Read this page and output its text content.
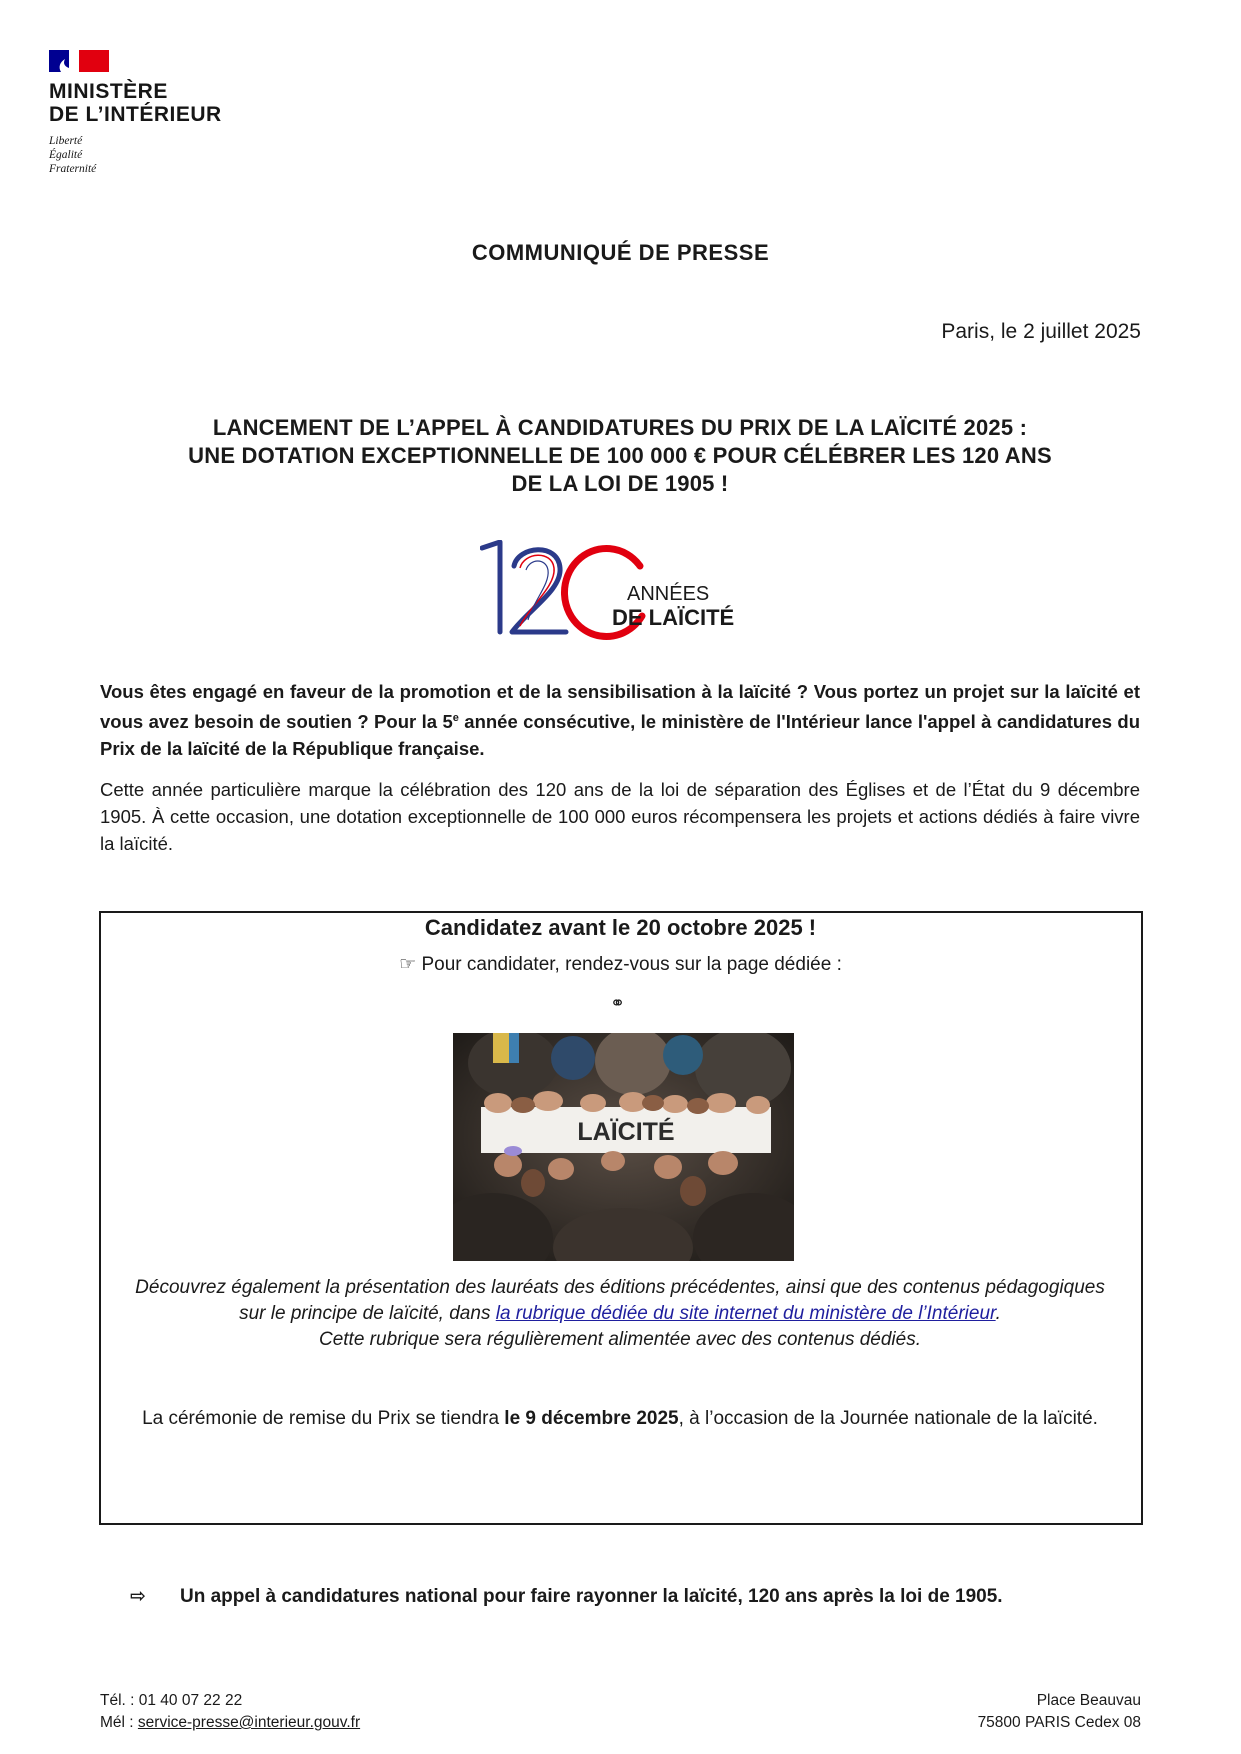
MINISTÈRE
DE L’INTÉRIEUR
Liberté
Égalité
Fraternité
COMMUNIQUÉ DE PRESSE
Paris, le 2 juillet 2025
LANCEMENT DE L’APPEL À CANDIDATURES DU PRIX DE LA LAÏCITÉ 2025 :
UNE DOTATION EXCEPTIONNELLE DE 100 000 € POUR CÉLÉBRER LES 120 ANS
DE LA LOI DE 1905 !
ANNÉES
DE LAÏCITÉ
Vous êtes engagé en faveur de la promotion et de la sensibilisation à la laïcité ? Vous portez un projet sur la laïcité et vous avez besoin de soutien ? Pour la 5e année consécutive, le ministère de l'Intérieur lance l'appel à candidatures du Prix de la laïcité de la République française.
Cette année particulière marque la célébration des 120 ans de la loi de séparation des Églises et de l’État du 9 décembre 1905. À cette occasion, une dotation exceptionnelle de 100 000 euros récompensera les projets et actions dédiés à faire vivre la laïcité.
Candidatez avant le 20 octobre 2025 !
☞ Pour candidater, rendez-vous sur la page dédiée :
⚭
LAÏCITÉ
Découvrez également la présentation des lauréats des éditions précédentes, ainsi que des contenus pédagogiques sur le principe de laïcité, dans la rubrique dédiée du site internet du ministère de l’Intérieur.
Cette rubrique sera régulièrement alimentée avec des contenus dédiés.
La cérémonie de remise du Prix se tiendra le 9 décembre 2025, à l’occasion de la Journée nationale de la laïcité.
⇨ Un appel à candidatures national pour faire rayonner la laïcité, 120 ans après la loi de 1905.
Tél. : 01 40 07 22 22
Mél : service-presse@interieur.gouv.fr
Place Beauvau
75800 PARIS Cedex 08
